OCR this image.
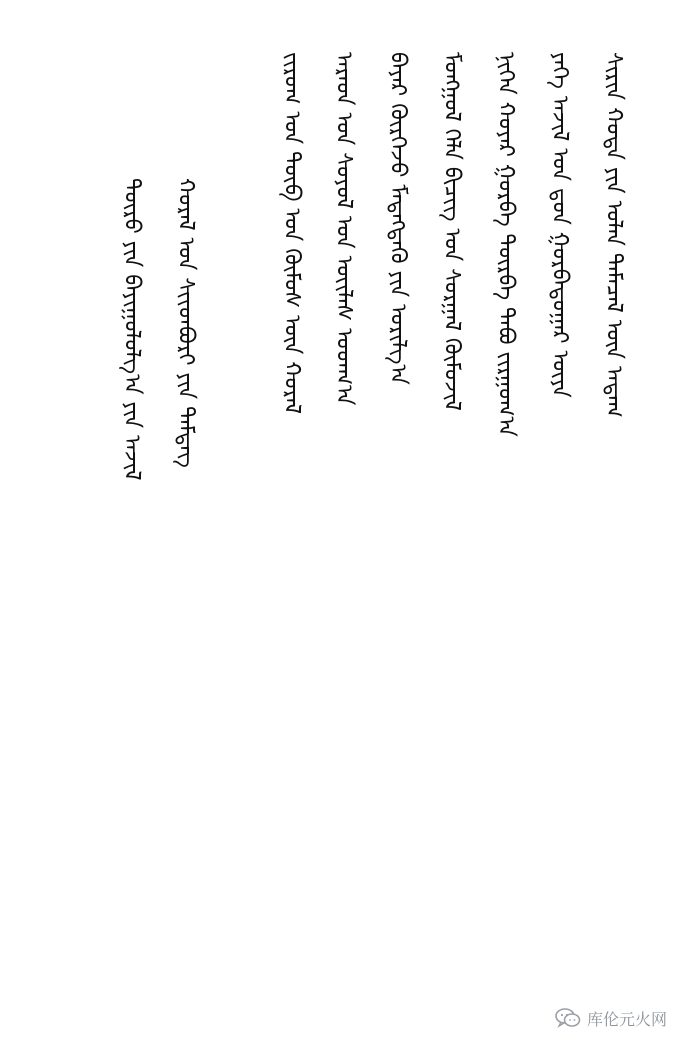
ᠰᠢᠷᠢᠨ ᠬᠣᠲᠠ ᠶᠢᠨ ᠣᠯᠠᠨ ᠲᠡᠮᠡᠴᠡᠯ ᠦᠨ ᠠᠳᠠᠭ
ᠶᠡᠭᠡ ᠠᠵᠢᠯ ᠤᠨ ᠳ᠋ᠤᠨ ᠭᠤᠷᠪᠠᠳᠤᠭᠠᠷ ᠦᠶᠡ
ᠨᠢᠭᠡᠨ ᠬᠣᠶᠠᠷ ᠭᠤᠷᠪᠠ ᠳᠥᠷᠪᠡ ᠲᠠᠪᠤ ᠵᠢᠷᠭᠤᠭ᠎ᠠ
ᠮᠣᠩᠭᠣᠯ ᠬᠡᠯᠡ ᠪᠢᠴᠢᠭ ᠤᠨ ᠰᠤᠷᠭᠠᠯ ᠬᠦᠮᠦᠵᠢᠯ
ᠪᠠᠶᠠᠷ ᠬᠦᠷᠭᠡᠵᠦ ᠮᠡᠳᠡᠭᠳᠡᠬᠦ ᠶᠢᠨ ᠤᠷᠢᠯᠭ᠎ᠠ
ᠠᠷᠠᠳ ᠤᠨ ᠰᠣᠶᠤᠯ ᠤᠨ ᠦᠢᠯᠡᠰ ᠤᠳᠬ᠎ᠠ
ᠵᠢᠷᠤᠭ ᠤᠨ ᠲᠥᠪ ᠤᠨ ᠬᠦᠮᠦᠰ ᠦᠨ ᠬᠤᠷᠠᠯ
ᠬᠤᠷᠠᠯ ᠤᠨ ᠰᠢᠢᠳᠪᠦᠷᠢ ᠶᠢᠨ ᠲᠡᠮᠳᠡᠭ
ᠲᠥᠷᠥ ᠶᠢᠨ ᠪᠠᠶᠢᠭᠤᠯᠤᠯᠭ᠎ᠠ ᠶᠢᠨ ᠠᠵᠢᠯ
库伦元火网
